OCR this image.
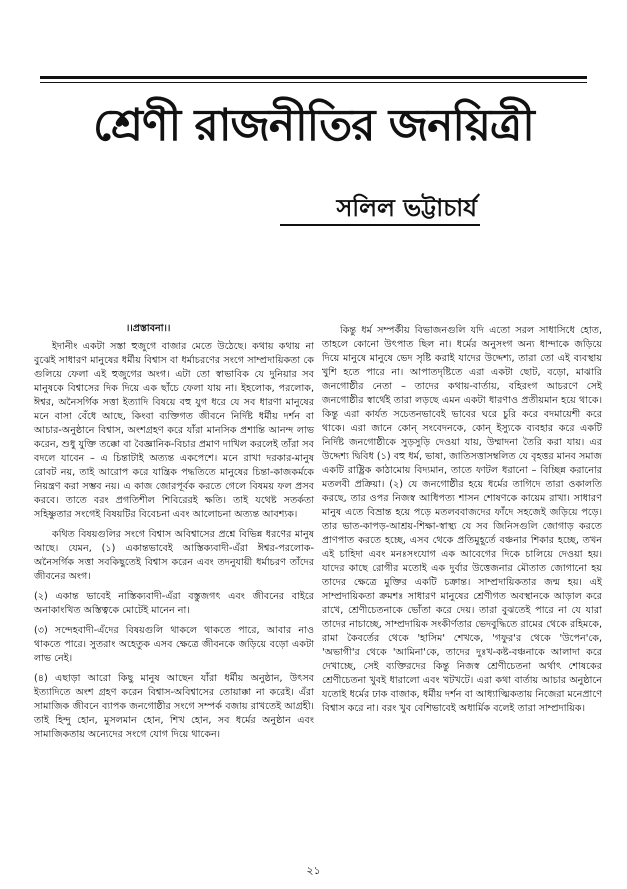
শ্রেণী রাজনীতির জনয়িত্রী
সলিল ভট্টাচার্য
।।প্রস্তাবনা।।

ইদানীং একটা সস্তা হুজুগে বাজার মেতে উঠেছে। কথায় কথায় না বুঝেই সাধারণ মানুষের ধর্মীয় বিশ্বাস বা ধর্মাচরণের সংগে সাম্প্রদায়িকতা কে গুলিয়ে ফেলা এই হুজুগের অংগ। এটা তো স্বাভাবিক যে দুনিয়ার সব মানুষকে বিশ্বাসের দিক দিয়ে এক ছাঁচে ফেলা যায় না। ইহলোক, পরলোক, ঈশ্বর, অনৈসর্গিক সত্তা ইত্যাদি বিষয়ে বহু যুগ ধরে যে সব ধারণা মানুষের মনে বাসা বেঁধে আছে, কিংবা ব্যক্তিগত জীবনে নির্দিষ্ট ধর্মীয় দর্শন বা আচার-অনুষ্ঠানে বিশ্বাস, অংশগ্রহণ করে যাঁরা মানসিক প্রশান্তি আনন্দ লাভ করেন, শুধু যুক্তি তক্কো বা বৈজ্ঞানিক-বিচার প্রমাণ দাখিল করলেই তাঁরা সব বদলে যাবেন – এ চিন্তাটাই অত্যন্ত একপেশে। মনে রাখা দরকার-মানুষ রোবট নয়, তাই আরোপ করে যান্ত্রিক পদ্ধতিতে মানুষের চিন্তা-কাজকর্মকে নিয়ন্ত্রণ করা সম্ভব নয়। এ কাজ জোরপূর্বক করতে গেলে বিষময় ফল প্রসব করবে। তাতে বরং প্রগতিশীল শিবিরেরই ক্ষতি। তাই যথেষ্ট সতর্কতা সহিষ্ণুতার সংগেই বিষয়টির বিবেচনা এবং আলোচনা অত্যন্ত আবশ্যক।

কথিত বিষয়গুলির সংগে বিশ্বাস অবিশ্বাসের প্রশ্নে বিভিন্ন ধরণের মানুষ আছে। যেমন, (১) একান্তভাবেই আস্তিক্যবাদী-এঁরা ঈশ্বর-পরলোক-অনৈসর্গিক সত্তা সবকিছুতেই বিশ্বাস করেন এবং তদনুযায়ী ধর্মাচরণ তাঁদের জীবনের অংগ।

(২) একান্ত ভাবেই নাস্তিক্যবাদী-এঁরা বস্তুজগৎ এবং জীবনের বাইরে অনাকাংখিত অস্তিত্বকে মোটেই মানেন না।

(৩) সন্দেহবাদী-এঁদের বিষয়গুলি থাকলে থাকতে পারে, আবার নাও থাকতে পারে। সুতরাং অহেতুক এসব ক্ষেত্রে জীবনকে জড়িয়ে বড়ো একটা লাভ নেই।

(৪) এছাড়া আরো কিছু মানুষ আছেন যাঁরা ধর্মীয় অনুষ্ঠান, উৎসব ইত্যাদিতে অংশ গ্রহণ করেন বিশ্বাস-অবিশ্বাসের তোয়াক্কা না করেই। এঁরা সামাজিক জীবনে ব্যাপক জনগোষ্ঠীর সংগে সম্পর্ক বজায় রাখতেই আগ্রহী। তাই হিন্দু হোন, মুসলমান হোন, শিখ হোন, সব ধর্মের অনুষ্ঠান এবং সামাজিকতায় অন্যেদের সংগে যোগ দিয়ে থাকেন।

কিন্তু ধর্ম সম্পর্কীয় বিভাজনগুলি যদি এতো সরল সাধাসিধে হোত, তাহলে কোনো উৎপাত ছিল না। ধর্মের অনুসংগ অন্য ধান্দাকে জড়িয়ে দিয়ে মানুষে মানুষে ভেদ সৃষ্টি করাই যাদের উদ্দেশ্য, তারা তো এই ব্যবস্থায় খুশি হতে পারে না। আপাতদৃষ্টিতে এরা একটা ছোট, বড়ো, মাঝারি জনগোষ্ঠীর নেতা – তাদের কথায়-বার্তায়, বহিরংগ আচরণে সেই জনগোষ্ঠীর স্বার্থেই তারা লড়ছে এমন একটা ধারণাও প্রতীয়মান হয়ে থাকে। কিন্তু এরা কার্যত সচেতনভাবেই ভাবের ঘরে চুরি করে বদমায়েশী করে থাকে। এরা জানে কোন্ সংবেদনকে, কোন্ ইস্যুকে ব্যবহার করে একটি নির্দিষ্ট জনগোষ্ঠীকে সুড়সুড়ি দেওয়া যায়, উম্মাদনা তৈরি করা যায়। এর উদ্দেশ্য দ্বিবিধ (১) বহু ধর্ম, ভাষা, জাতিসত্তাসম্বলিত যে বৃহত্তর মানব সমাজ একটি রাষ্ট্রিক কাঠামোয় বিদ্যমান, তাতে ফাটল ধরানো – বিচ্ছিন্ন করানোর মতলবী প্রক্রিয়া। (২) যে জনগোষ্ঠীর হয়ে ধর্মের তাগিদে তারা ওকালতি করছে, তার ওপর নিজস্ব আধিপত্য শাসন শোষণকে কায়েম রাখা। সাধারণ মানুষ এতে বিভ্রান্ত হয়ে পড়ে মতলববাজদের ফাঁদে সহজেই জড়িয়ে পড়ে। তার ভাত-কাপড়-আশ্রয়-শিক্ষা-স্বাস্থ্য যে সব জিনিসগুলি জোগাড় করতে প্রাণপাত করতে হচ্ছে, এসব থেকে প্রতিমুহূর্তে বঞ্চনার শিকার হচ্ছে, তখন এই চাহিদা এবং মনঃসংযোগ এক আবেগের দিকে চালিয়ে দেওয়া হয়। যাদের কাছে রোগীর মতোই এক দুর্বার উত্তেজনার মৌতাত জোগানো হয় তাদের ক্ষেত্রে মুক্তির একটি চক্রান্ত। সাম্প্রদায়িকতার জন্ম হয়। এই সাম্প্রদায়িকতা ক্রমশঃ সাধারণ মানুষের শ্রেণীগত অবস্থানকে আড়াল করে রাখে, শ্রেণীচেতনাকে ভোঁতা করে দেয়। তারা বুঝতেই পারে না যে যারা তাদের নাচাচ্ছে, সাম্প্রদায়িক সংকীর্ণতার ভেদবুদ্ধিতে রামের থেকে রহিমকে, রামা কৈবর্তের থেকে 'হাসিম' শেখকে, 'গফুর'র থেকে 'উপেন'কে, 'অভাগী'র থেকে 'আমিনা'কে, তাদের দুঃখ-কষ্ট-বঞ্চনাকে আলাদা করে দেখাচ্ছে, সেই ব্যক্তিরদের কিন্তু নিজস্ব শ্রেণীচেতনা অর্থাৎ শোষকের শ্রেণীচেতনা খুবই ধারালো এবং খটখটে। এরা কথা বার্তায় আচার অনুষ্ঠানে যতোই ধর্মের ঢাক বাজাক, ধর্মীয় দর্শন বা আধ্যাত্মিকতায় নিজেরা মনেপ্রাণে বিশ্বাস করে না। বরং খুব বেশিভাবেই অধার্মিক বলেই তারা সাম্প্রদায়িক।

২১
